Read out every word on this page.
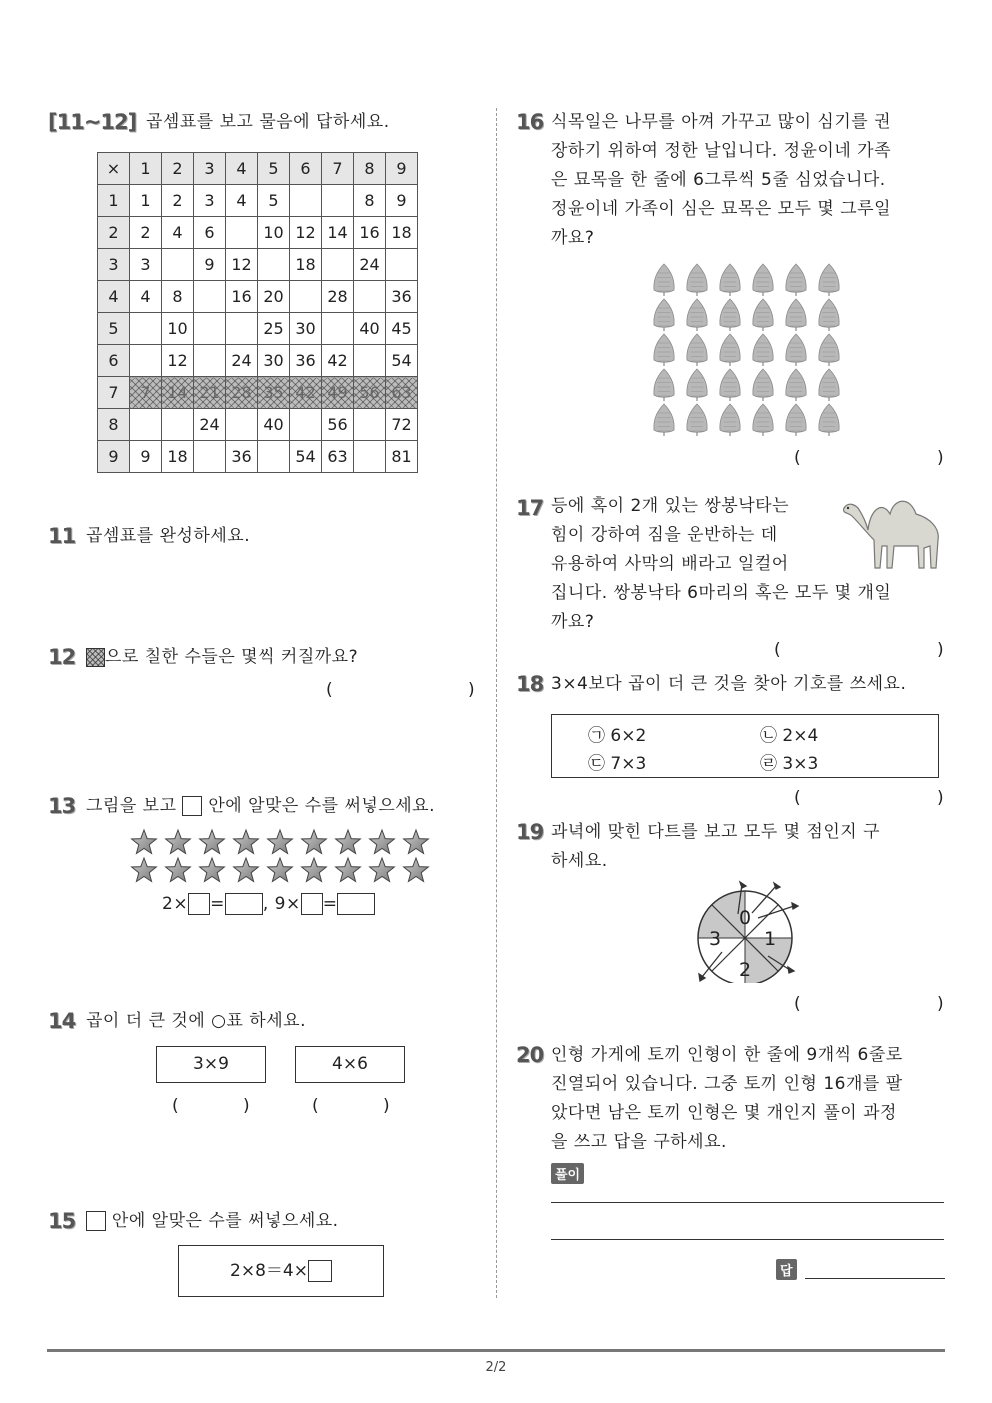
[11~12] 곱셈표를 보고 물음에 답하세요.
×	1	2	3	4	5	6	7	8	9
1	1	2	3	4	5			8	9
2	2	4	6		10	12	14	16	18
3	3		9	12		18		24	
4	4	8		16	20		28		36
5		10			25	30		40	45
6		12		24	30	36	42		54
7	7	14	21	28	35	42	49	56	63
8			24		40		56		72
9	9	18		36		54	63		81
11 곱셈표를 완성하세요.
12	으로 칠한 수들은 몇씩 커질까요?
(	)
13 그림을 보고 안에 알맞은 수를 써넣으세요.
2× = , 9× =
14 곱이 더 큰 것에 ○표 하세요.
3×9	4×6
(	)	(	)
15	안에 알맞은 수를 써넣으세요.
2×8＝4×
16 식목일은 나무를 아껴 가꾸고 많이 심기를 권
장하기 위하여 정한 날입니다. 정윤이네 가족
은 묘목을 한 줄에 6그루씩 5줄 심었습니다.
정윤이네 가족이 심은 묘목은 모두 몇 그루일
까요?
(	)
17 등에 혹이 2개 있는 쌍봉낙타는
힘이 강하여 짐을 운반하는 데
유용하여 사막의 배라고 일컬어
집니다. 쌍봉낙타 6마리의 혹은 모두 몇 개일
까요?
(	)
18 3×4보다 곱이 더 큰 것을 찾아 기호를 쓰세요.
㉠ 6×2	㉡ 2×4
㉢ 7×3	㉣ 3×3
(	)
19 과녁에 맞힌 다트를 보고 모두 몇 점인지 구
하세요.
0
1
2
3
(	)
20 인형 가게에 토끼 인형이 한 줄에 9개씩 6줄로
진열되어 있습니다. 그중 토끼 인형 16개를 팔
았다면 남은 토끼 인형은 몇 개인지 풀이 과정
을 쓰고 답을 구하세요.
풀이
답
2/2
